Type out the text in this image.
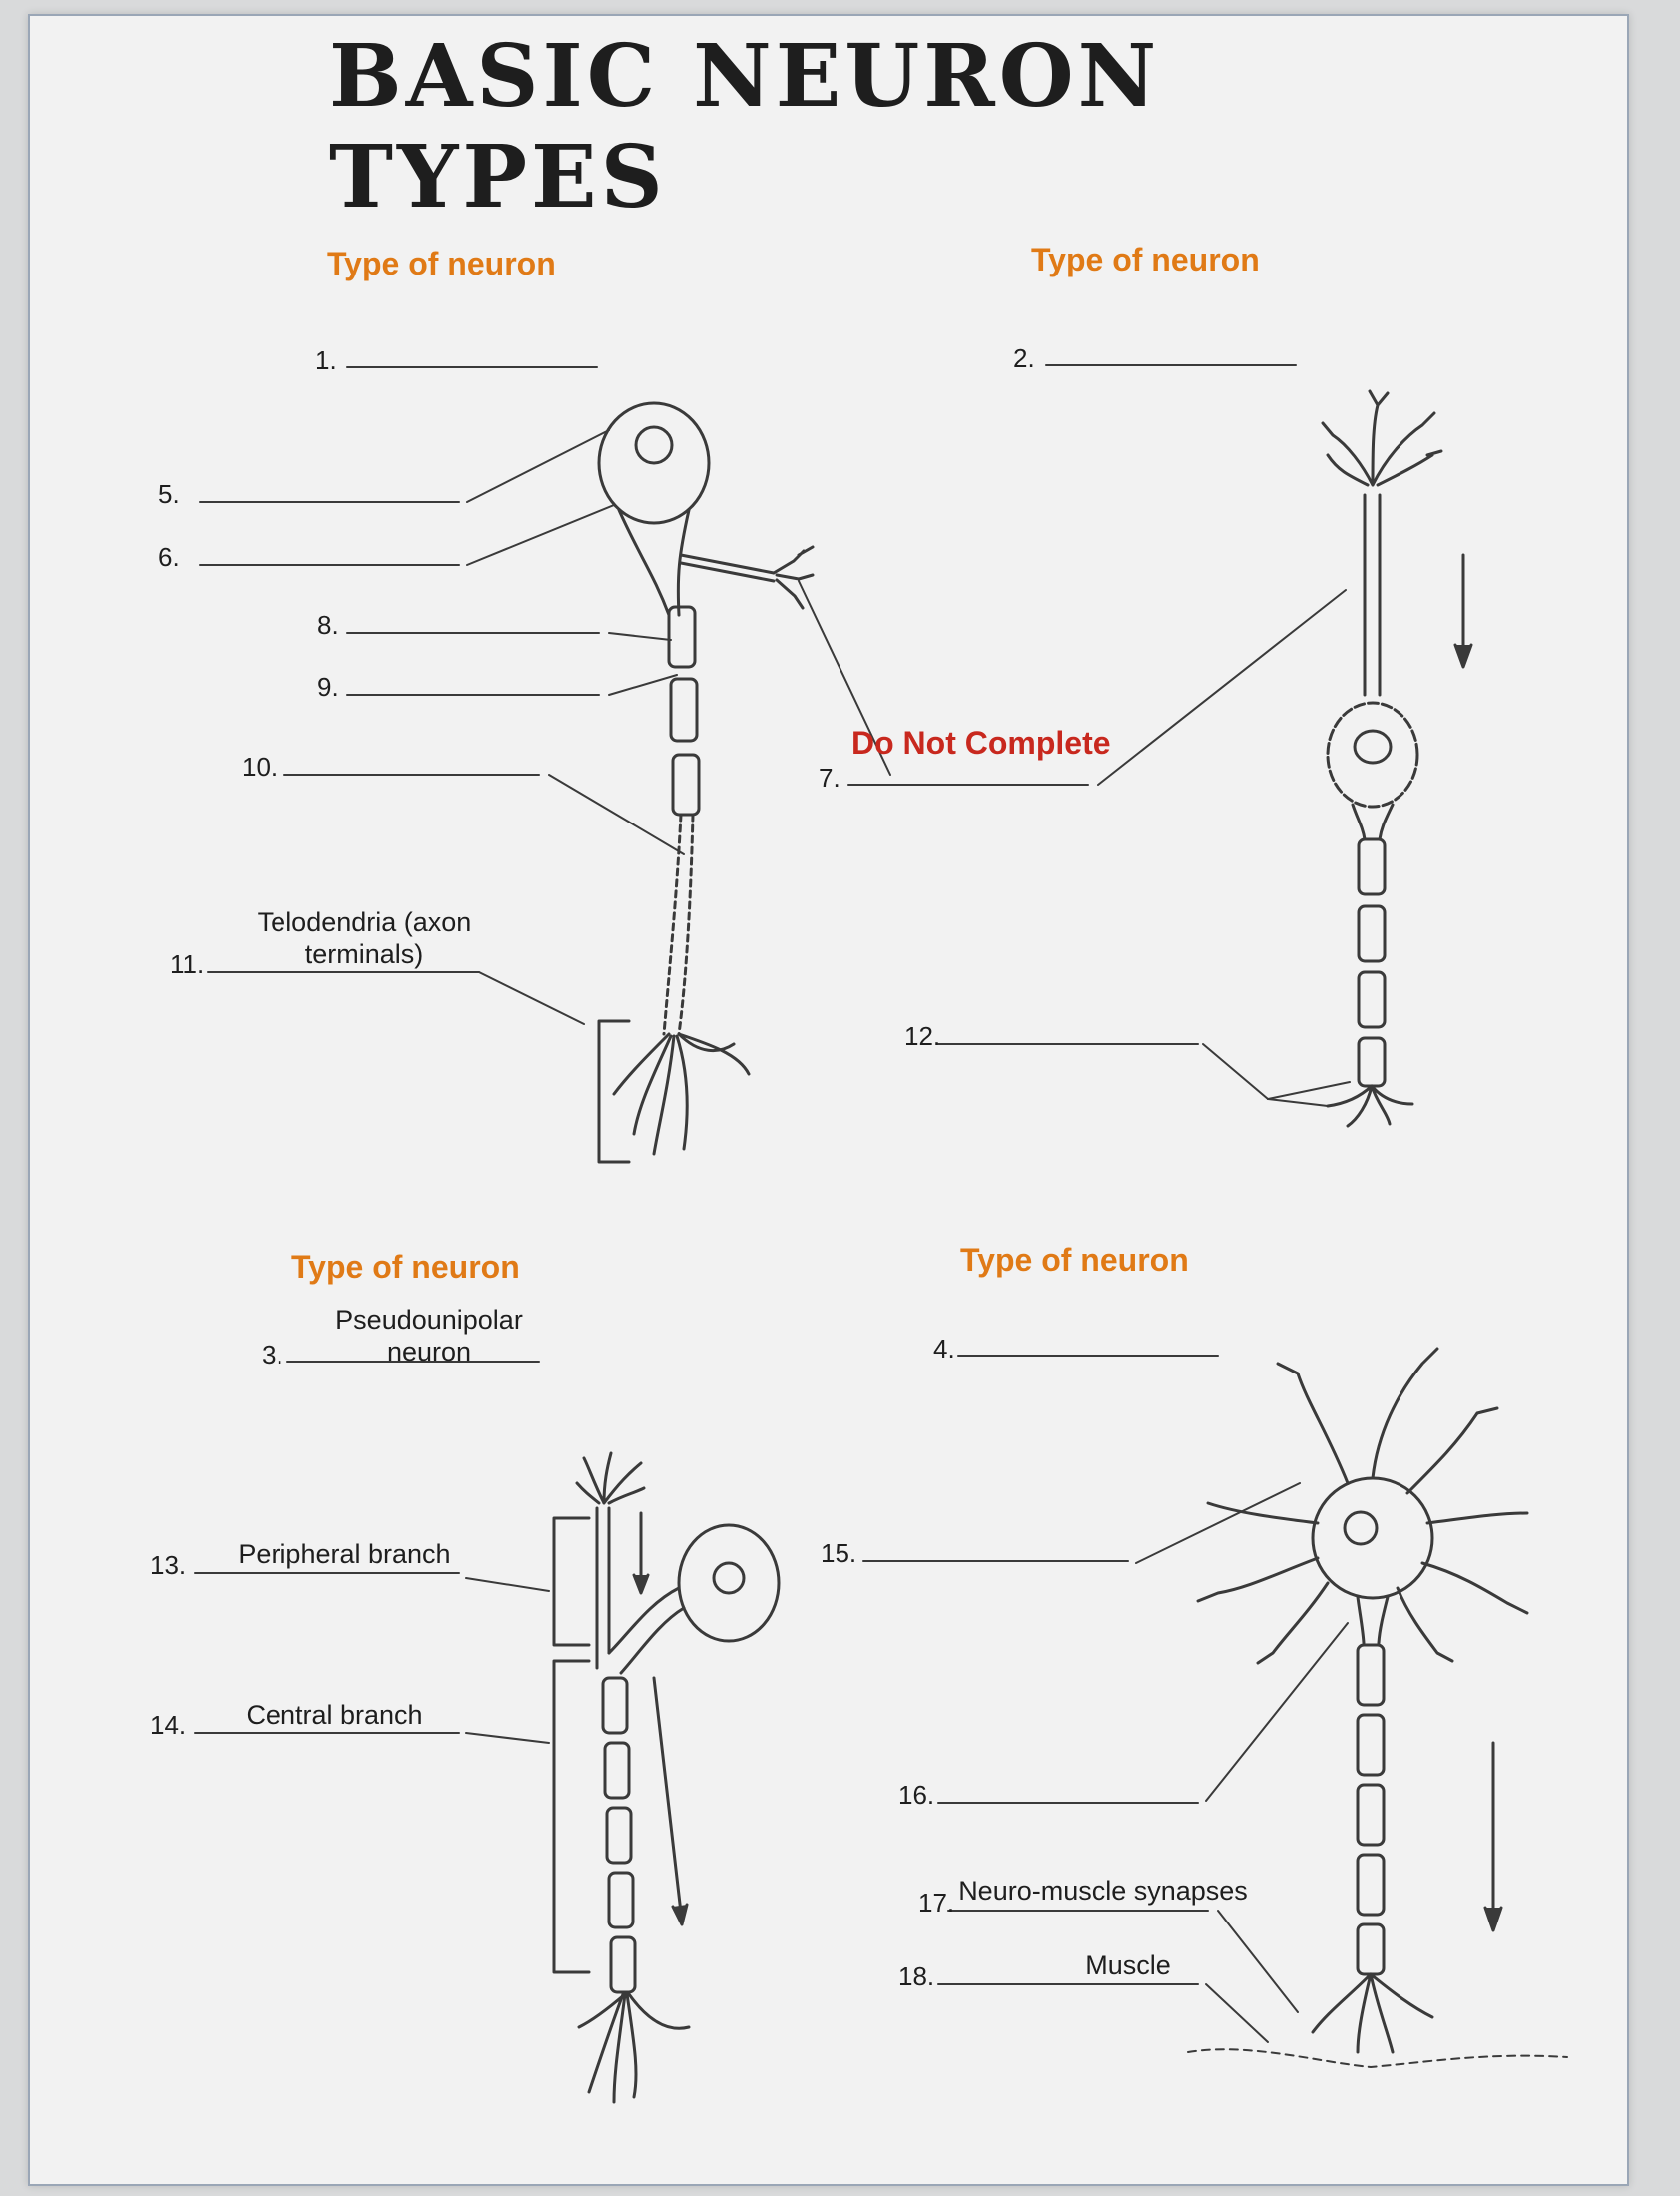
BASIC NEURON TYPES
Type of neuron	Type of neuron
Type of neuron	Type of neuron
1.	2.
3.	4.
5.
6.
7.
8.
9.
10.
11.
12.
13.
14.
15.
16.
17.
18.
Telodendria (axon terminals)
Pseudounipolar neuron
Peripheral branch
Central branch
Neuro-muscle synapses
Muscle
Do Not Complete
